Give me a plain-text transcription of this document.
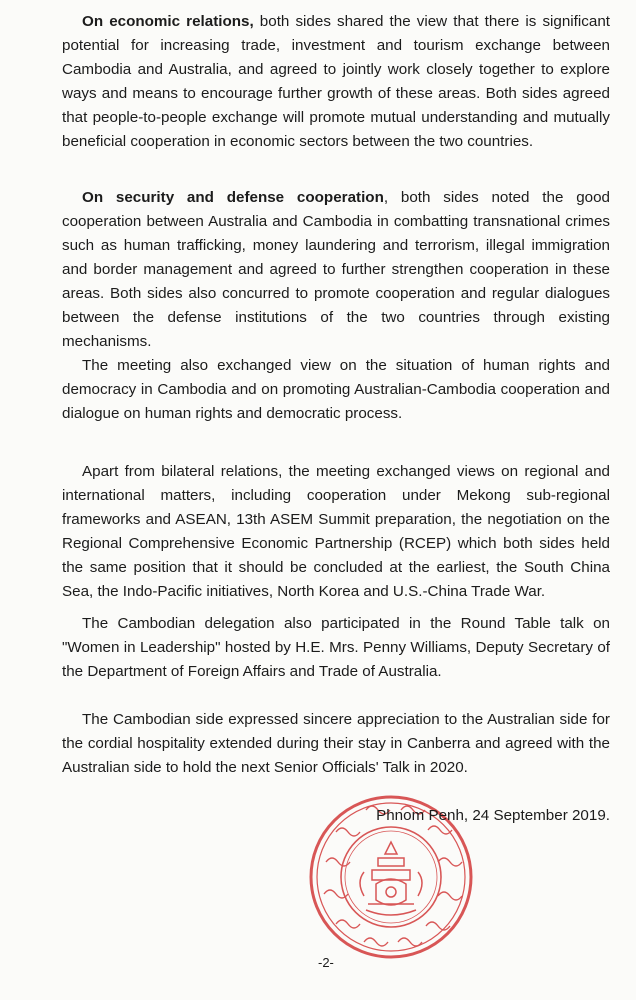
On economic relations, both sides shared the view that there is significant potential for increasing trade, investment and tourism exchange between Cambodia and Australia, and agreed to jointly work closely together to explore ways and means to encourage further growth of these areas. Both sides agreed that people-to-people exchange will promote mutual understanding and mutually beneficial cooperation in economic sectors between the two countries.

On security and defense cooperation, both sides noted the good cooperation between Australia and Cambodia in combatting transnational crimes such as human trafficking, money laundering and terrorism, illegal immigration and border management and agreed to further strengthen cooperation in these areas. Both sides also concurred to promote cooperation and regular dialogues between the defense institutions of the two countries through existing mechanisms.

The meeting also exchanged view on the situation of human rights and democracy in Cambodia and on promoting Australian-Cambodia cooperation and dialogue on human rights and democratic process.

Apart from bilateral relations, the meeting exchanged views on regional and international matters, including cooperation under Mekong sub-regional frameworks and ASEAN, 13th ASEM Summit preparation, the negotiation on the Regional Comprehensive Economic Partnership (RCEP) which both sides held the same position that it should be concluded at the earliest, the South China Sea, the Indo-Pacific initiatives, North Korea and U.S.-China Trade War.

The Cambodian delegation also participated in the Round Table talk on "Women in Leadership" hosted by H.E. Mrs. Penny Williams, Deputy Secretary of the Department of Foreign Affairs and Trade of Australia.

The Cambodian side expressed sincere appreciation to the Australian side for the cordial hospitality extended during their stay in Canberra and agreed with the Australian side to hold the next Senior Officials' Talk in 2020.

Phnom Penh, 24 September 2019.

-2-
